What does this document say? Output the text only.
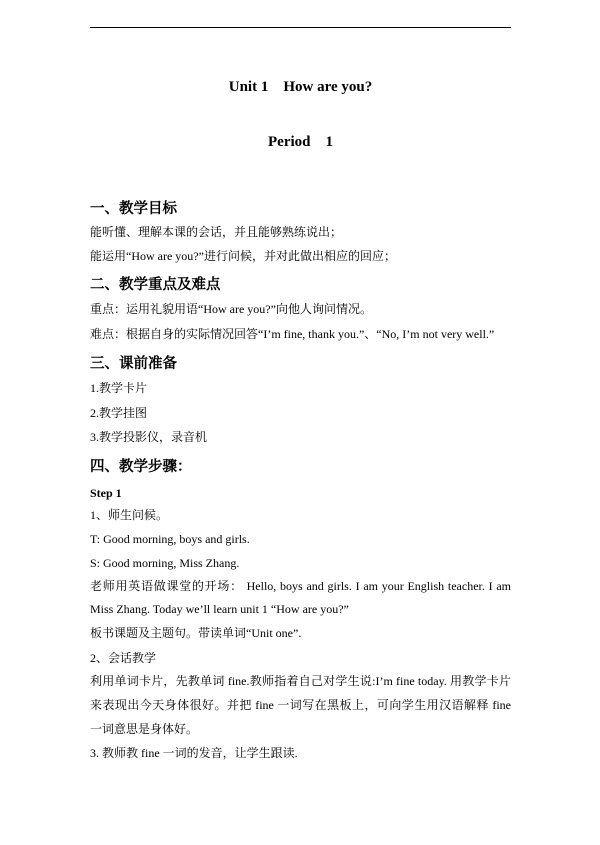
Unit 1    How are you?
Period    1
一、教学目标
能听懂、理解本课的会话，并且能够熟练说出；
能运用“How are you?”进行问候，并对此做出相应的回应；
二、教学重点及难点
重点：运用礼貌用语“How are you?”向他人询问情况。
难点：根据自身的实际情况回答“I’m fine, thank you.”、“No, I’m not very well.”
三、课前准备
1.教学卡片
2.教学挂图
3.教学投影仪，录音机
四、教学步骤：
Step 1
1、师生问候。
T: Good morning, boys and girls.
S: Good morning, Miss Zhang.
老师用英语做课堂的开场： Hello, boys and girls. I am your English teacher. I am
Miss Zhang. Today we’ll learn unit 1 “How are you?”
板书课题及主题句。带读单词“Unit one”.
2、会话教学
利用单词卡片，先教单词 fine.教师指着自己对学生说:I’m fine today. 用教学卡片
来表现出今天身体很好。并把 fine 一词写在黑板上，可向学生用汉语解释 fine
一词意思是身体好。
3. 教师教 fine 一词的发音，让学生跟读.
